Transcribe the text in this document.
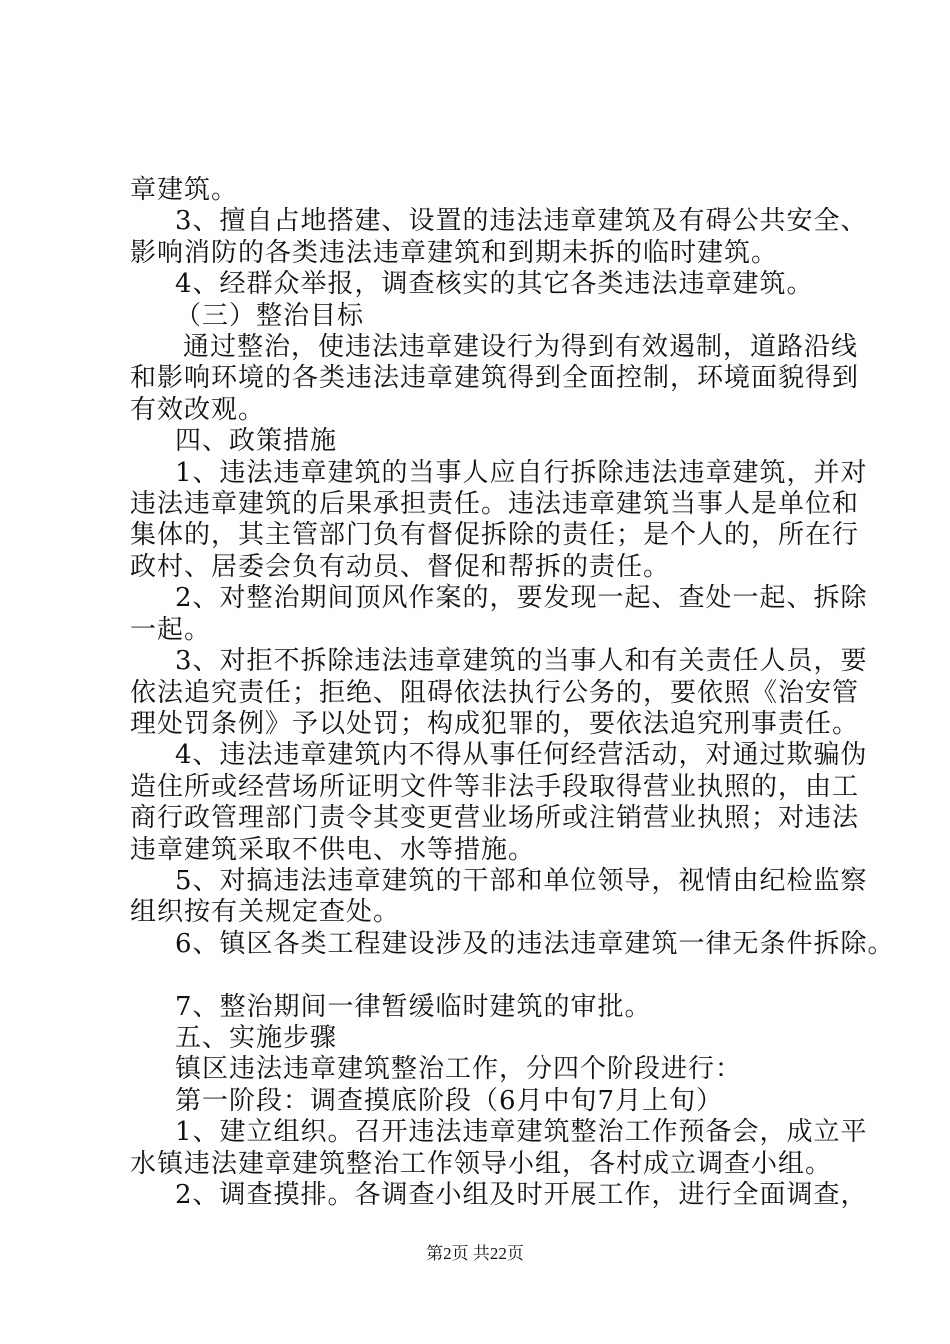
章建筑。
3、擅自占地搭建、设置的违法违章建筑及有碍公共安全、
影响消防的各类违法违章建筑和到期未拆的临时建筑。
4、经群众举报，调查核实的其它各类违法违章建筑。
（三）整治目标
通过整治，使违法违章建设行为得到有效遏制，道路沿线
和影响环境的各类违法违章建筑得到全面控制，环境面貌得到
有效改观。
四、政策措施
1、违法违章建筑的当事人应自行拆除违法违章建筑，并对
违法违章建筑的后果承担责任。违法违章建筑当事人是单位和
集体的，其主管部门负有督促拆除的责任；是个人的，所在行
政村、居委会负有动员、督促和帮拆的责任。
2、对整治期间顶风作案的，要发现一起、查处一起、拆除
一起。
3、对拒不拆除违法违章建筑的当事人和有关责任人员，要
依法追究责任；拒绝、阻碍依法执行公务的，要依照《治安管
理处罚条例》予以处罚；构成犯罪的，要依法追究刑事责任。
4、违法违章建筑内不得从事任何经营活动，对通过欺骗伪
造住所或经营场所证明文件等非法手段取得营业执照的，由工
商行政管理部门责令其变更营业场所或注销营业执照；对违法
违章建筑采取不供电、水等措施。
5、对搞违法违章建筑的干部和单位领导，视情由纪检监察
组织按有关规定查处。
6、镇区各类工程建设涉及的违法违章建筑一律无条件拆除。
7、整治期间一律暂缓临时建筑的审批。
五、实施步骤
镇区违法违章建筑整治工作，分四个阶段进行：
第一阶段：调查摸底阶段（6月中旬7月上旬）
1、建立组织。召开违法违章建筑整治工作预备会，成立平
水镇违法建章建筑整治工作领导小组，各村成立调查小组。
2、调查摸排。各调查小组及时开展工作，进行全面调查，
第2页 共22页
